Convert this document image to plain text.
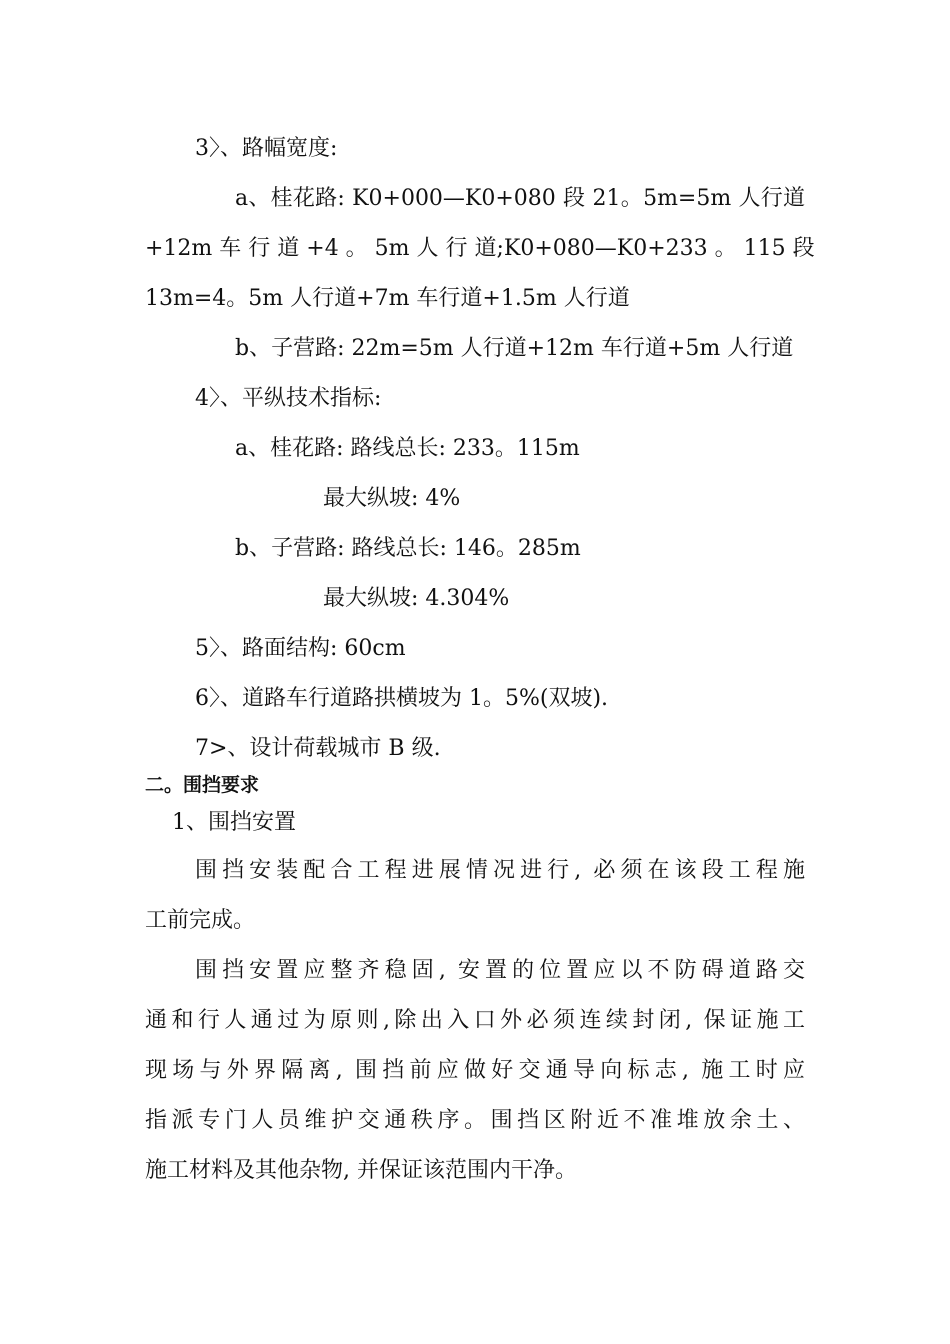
3〉、路幅宽度:
a、桂花路: K0+000—K0+080 段 21。5m=5m 人行道
+12m 车 行 道 +4 。 5m 人 行 道;K0+080—K0+233 。 115 段
13m=4。5m 人行道+7m 车行道+1.5m 人行道
b、子营路: 22m=5m 人行道+12m 车行道+5m 人行道
4〉、平纵技术指标:
a、桂花路: 路线总长: 233。115m
最大纵坡: 4%
b、子营路: 路线总长: 146。285m
最大纵坡: 4.304%
5〉、路面结构: 60cm
6〉、道路车行道路拱横坡为 1。5%(双坡).
7>、设计荷载城市 B 级.
二。围挡要求
1、围挡安置
围挡安装配合工程进展情况进行, 必须在该段工程施
工前完成。
围挡安置应整齐稳固, 安置的位置应以不防碍道路交
通和行人通过为原则,除出入口外必须连续封闭, 保证施工
现场与外界隔离, 围挡前应做好交通导向标志, 施工时应
指派专门人员维护交通秩序。围挡区附近不准堆放余土、
施工材料及其他杂物, 并保证该范围内干净。
